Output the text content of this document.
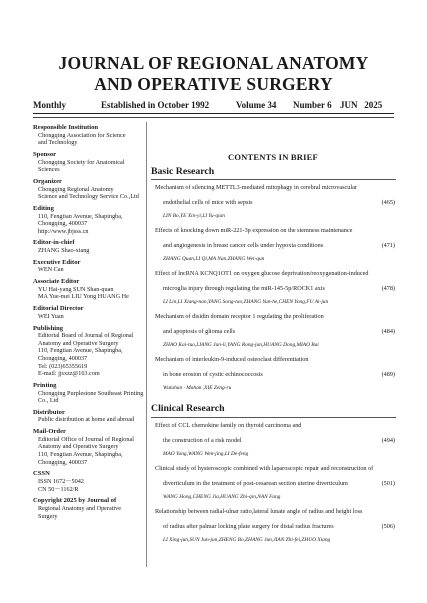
JOURNAL OF REGIONAL ANATOMY
AND OPERATIVE SURGERY
Monthly	Established in October 1992	Volume 34 Number 6 JUN   2025
Responsible Institution
Chongqing Association for Science
and Technology
Sponsor
Chongqing Society for Anatomical
Sciences
Organizer
Chongqing Regional Anatomy
Science and Technology Service Co.,Ltd
Editing
110, Fengtian Avenue, Shapingba,
Chongqing, 400037
http://www.jbjsss.cn
Editor-in-chief
ZHANG Shao-xiang
Executive Editor
WEN Can
Associate Editor
YU Hai-yang SUN Shan-quan
MA Yue-mei LIU Yong HUANG He
Editorial Director
WEI Yuan
Publishing
Editorial Board of Journal of Regional
Anatomy and Operative Surgery
110, Fengtian Avenue, Shapingba,
Chongqing, 400037
Tel: (023)65355619
E-mail: jjsxzz@163.com
Printing
Chongqing Purplestone Southeast Printing
Co., Ltd
Distributor
Public distribution at home and abroad
Mail-Order
Editorial Office of Journal of Regional
Anatomy and Operative Surgery
110, Fengtian Avenue, Shapingba,
Chongqing, 400037
CSSN
ISSN 1672－5042
CN 50－1162/R
Copyright 2025 by Journal of
Regional Anatomy and Operative
Surgery
CONTENTS IN BRIEF
Basic Research
Mechanism of silencing METTL3-mediated mitophagy in cerebral microvascular
endothelial cells of mice with sepsis	(465)
LIN Bo,YE Xin-yi,LI Yu-qian
Effects of knocking down miR-221-3p expression on the stemness maintenance
and angiogenesis in breast cancer cells under hypoxia conditions	(471)
ZHANG Quan,LI Qi,MA Nan,ZHANG Wei-qun
Effect of lncRNA KCNQ1OT1 on oxygen glucose deprivation/reoxygenation-induced
microglia injury through regulating the miR-145-5p/ROCK1 axis	(478)
LI Lin,LI Xiang-nan,YANG Song-tao,ZHANG Yun-he,CHEN Yong,FU Ai-jun
Mechanism of disidin domain receptor 1 regulating the proliferation
and apoptosis of glioma cells	(484)
ZHAO Kai-tuo,LIANG Jun-li,YANG Rong-jun,HUANG Dong,MIAO Bai
Mechanism of interleukin-9-induced osteoclast differentiation
in bone erosion of cystic echinococcosis	(489)
Wulahan · Mahan ,XIE Zeng-ru
Clinical Research
Effect of CCL chemokine family on thyroid carcinoma and
the construction of a risk model	(494)
MAO Yang,WANG Wen-jing,LI De-feng
Clinical study of hysteroscopic combined with laparoscopic repair and reconstruction of
diverticulum in the treatment of post-cesarean section uterine diverticulum	(501)
WANG Hong,CHENG Jia,HUANG Zhi-qin,NAN Fang
Relationship between radial-ulnar ratio,lateral lunate angle of radius and height loss
of radius after palmar locking plate surgery for distal radius fractures	(506)
LI Xing-jun,SUN Jun-jun,ZHENG Bo,ZHANG Jun,JIAN Zhi-fei,ZHUO Xiang
